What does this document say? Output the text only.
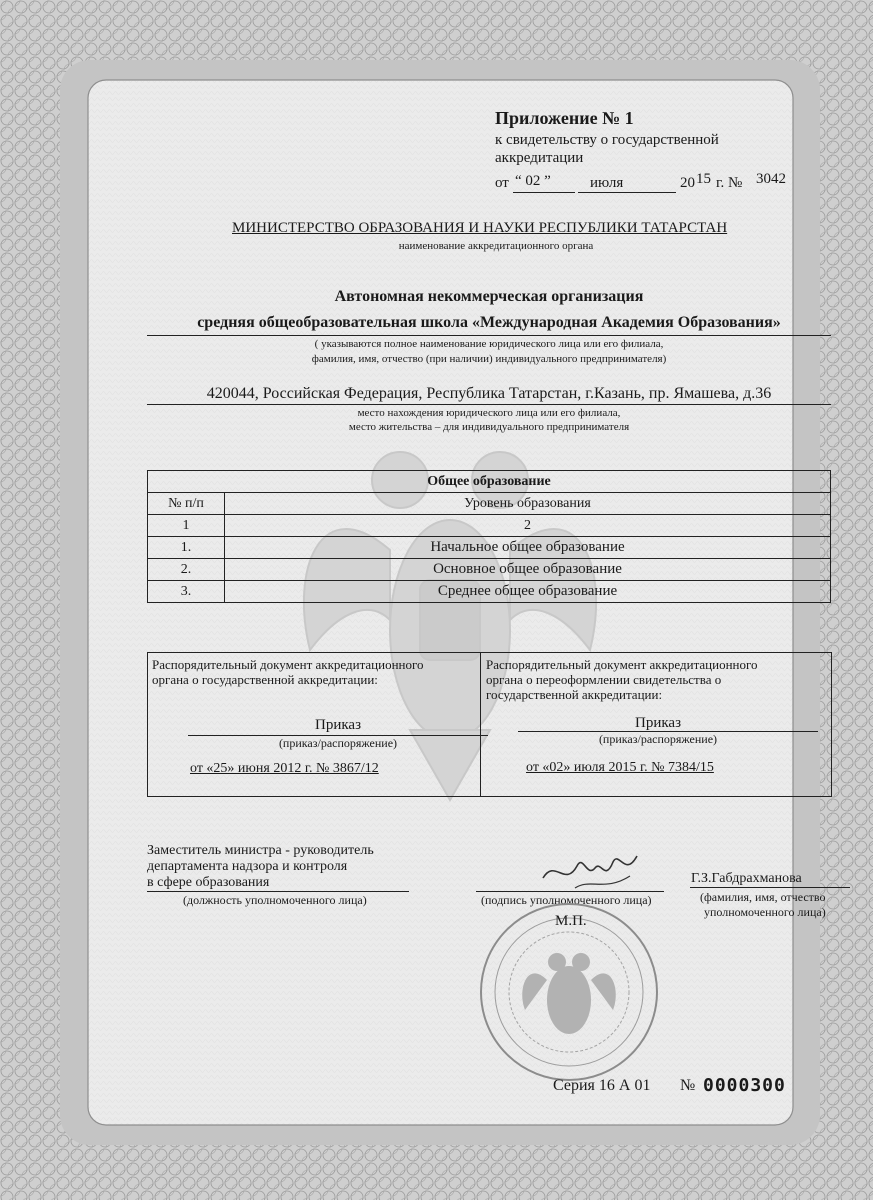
Приложение № 1
к свидетельству о государственной
аккредитации
от “ 02 ”	июля	20 15 г. № 3042
МИНИСТЕРСТВО ОБРАЗОВАНИЯ И НАУКИ РЕСПУБЛИКИ ТАТАРСТАН
наименование аккредитационного органа
Автономная некоммерческая организация
средняя общеобразовательная школа «Международная Академия Образования»
( указываются полное наименование юридического лица или его филиала,
фамилия, имя, отчество (при наличии) индивидуального предпринимателя)
420044, Российская Федерация, Республика Татарстан, г.Казань, пр. Ямашева, д.36
место нахождения юридического лица или его филиала,
место жительства – для индивидуального предпринимателя
Общее образование	
№ п/п	Уровень образования
1	2
1.	Начальное общее образование
2.	Основное общее образование
3.	Среднее общее образование
Распорядительный документ аккредитационного
органа о государственной аккредитации:
Приказ
(приказ/распоряжение)
от «25» июня 2012 г. № 3867/12
Распорядительный документ аккредитационного
органа о переоформлении свидетельства о
государственной аккредитации:
Приказ
(приказ/распоряжение)
от «02» июля 2015 г. № 7384/15
Заместитель министра - руководитель
департамента надзора и контроля
в сфере образования
(должность уполномоченного лица)	(подпись уполномоченного лица)
Г.З.Габдрахманова
(фамилия, имя, отчество
уполномоченного лица)
М.П.
Серия 16 А 01 № 0000300
